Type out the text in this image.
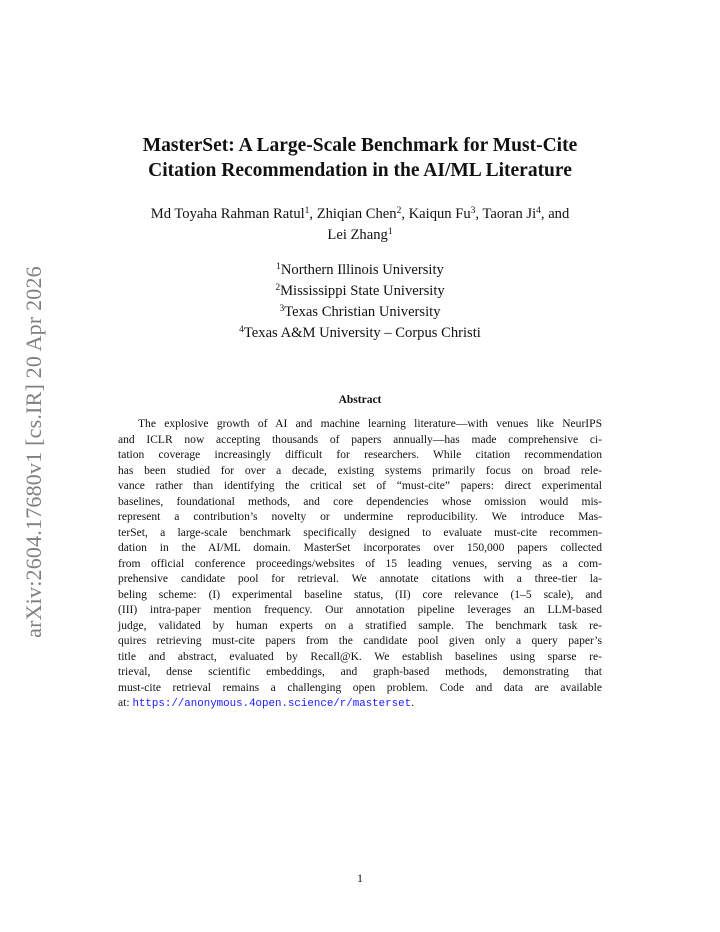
arXiv:2604.17680v1 [cs.IR] 20 Apr 2026
MasterSet: A Large-Scale Benchmark for Must-Cite
Citation Recommendation in the AI/ML Literature
Md Toyaha Rahman Ratul$^1$, Zhiqian Chen$^2$, Kaiqun Fu$^3$, Taoran Ji$^4$, and
Lei Zhang$^1$
$^1$Northern Illinois University
$^2$Mississippi State University
$^3$Texas Christian University
$^4$Texas A&M University – Corpus Christi
Abstract
The explosive growth of AI and machine learning literature—with venues like NeurIPS
and ICLR now accepting thousands of papers annually—has made comprehensive ci-
tation coverage increasingly difficult for researchers. While citation recommendation
has been studied for over a decade, existing systems primarily focus on broad rele-
vance rather than identifying the critical set of “must-cite” papers: direct experimental
baselines, foundational methods, and core dependencies whose omission would mis-
represent a contribution’s novelty or undermine reproducibility. We introduce Mas-
terSet, a large-scale benchmark specifically designed to evaluate must-cite recommen-
dation in the AI/ML domain. MasterSet incorporates over 150,000 papers collected
from official conference proceedings/websites of 15 leading venues, serving as a com-
prehensive candidate pool for retrieval. We annotate citations with a three-tier la-
beling scheme: (I) experimental baseline status, (II) core relevance (1–5 scale), and
(III) intra-paper mention frequency. Our annotation pipeline leverages an LLM-based
judge, validated by human experts on a stratified sample. The benchmark task re-
quires retrieving must-cite papers from the candidate pool given only a query paper’s
title and abstract, evaluated by Recall@K. We establish baselines using sparse re-
trieval, dense scientific embeddings, and graph-based methods, demonstrating that
must-cite retrieval remains a challenging open problem. Code and data are available
at: https://anonymous.4open.science/r/masterset.
1
